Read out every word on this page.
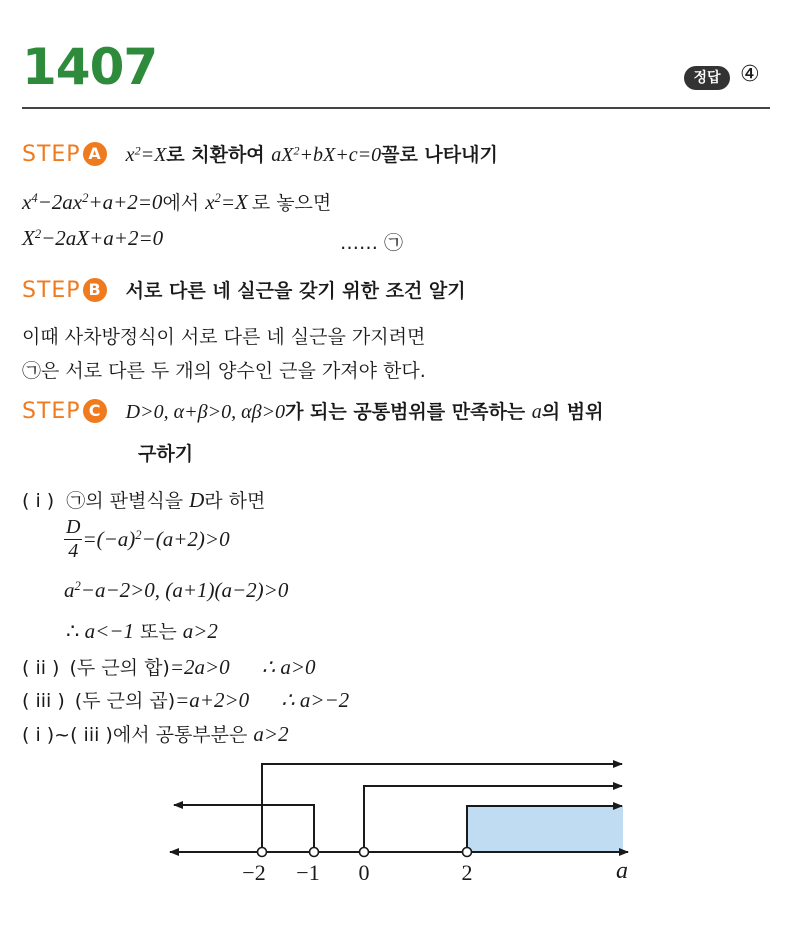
1407	정답 ④
STEP A $x^2=X$로 치환하여 $aX^2+bX+c=0$꼴로 나타내기
$x^4-2ax^2+a+2=0$에서 $x^2=X$ 로 놓으면
$X^2-2aX+a+2=0$	…… ㉠
STEP B 서로 다른 네 실근을 갖기 위한 조건 알기
이때 사차방정식이 서로 다른 네 실근을 가지려면
㉠은 서로 다른 두 개의 양수인 근을 가져야 한다.
STEP C D>0, α+β>0, αβ>0가 되는 공통범위를 만족하는 a의 범위
구하기
( i ) ㉠의 판별식을 D라 하면
$\frac{D}{4} =(-a)^2-(a+2)>0$
$a^2-a-2>0$, (a+1)(a−2)>0
∴ a<−1 또는 a>2
( ii ) (두 근의 합)=2a>0 ∴ a>0
( iii ) (두 근의 곱)=a+2>0 ∴ a>−2
( i )~( iii )에서 공통부분은 a>2
−2 −1 0	2	a
